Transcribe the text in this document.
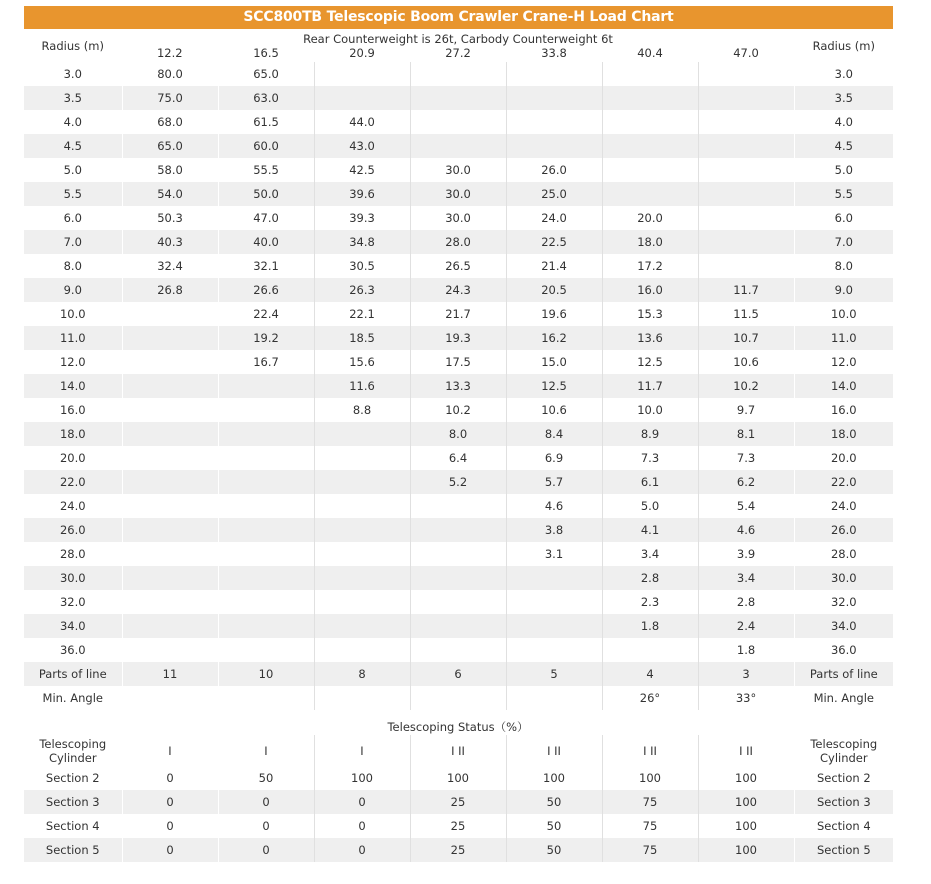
SCC800TB Telescopic Boom Crawler Crane-H Load Chart
Radius (m)	Rear Counterweight is 26t, Carbody Counterweight 6t							Radius (m)
	12.2	16.5	20.9	27.2	33.8	40.4	47.0	
3.0	80.0	65.0						3.0
3.5	75.0	63.0						3.5
4.0	68.0	61.5	44.0					4.0
4.5	65.0	60.0	43.0					4.5
5.0	58.0	55.5	42.5	30.0	26.0			5.0
5.5	54.0	50.0	39.6	30.0	25.0			5.5
6.0	50.3	47.0	39.3	30.0	24.0	20.0		6.0
7.0	40.3	40.0	34.8	28.0	22.5	18.0		7.0
8.0	32.4	32.1	30.5	26.5	21.4	17.2		8.0
9.0	26.8	26.6	26.3	24.3	20.5	16.0	11.7	9.0
10.0		22.4	22.1	21.7	19.6	15.3	11.5	10.0
11.0		19.2	18.5	19.3	16.2	13.6	10.7	11.0
12.0		16.7	15.6	17.5	15.0	12.5	10.6	12.0
14.0			11.6	13.3	12.5	11.7	10.2	14.0
16.0			8.8	10.2	10.6	10.0	9.7	16.0
18.0				8.0	8.4	8.9	8.1	18.0
20.0				6.4	6.9	7.3	7.3	20.0
22.0				5.2	5.7	6.1	6.2	22.0
24.0					4.6	5.0	5.4	24.0
26.0					3.8	4.1	4.6	26.0
28.0					3.1	3.4	3.9	28.0
30.0						2.8	3.4	30.0
32.0						2.3	2.8	32.0
34.0						1.8	2.4	34.0
36.0							1.8	36.0
Parts of line	11	10	8	6	5	4	3	Parts of line
Min. Angle						26°	33°	Min. Angle
	Telescoping Status（%）							
Telescoping Cylinder	I	I	I	I II	I II	I II	I II	Telescoping Cylinder
Section 2	0	50	100	100	100	100	100	Section 2
Section 3	0	0	0	25	50	75	100	Section 3
Section 4	0	0	0	25	50	75	100	Section 4
Section 5	0	0	0	25	50	75	100	Section 5
